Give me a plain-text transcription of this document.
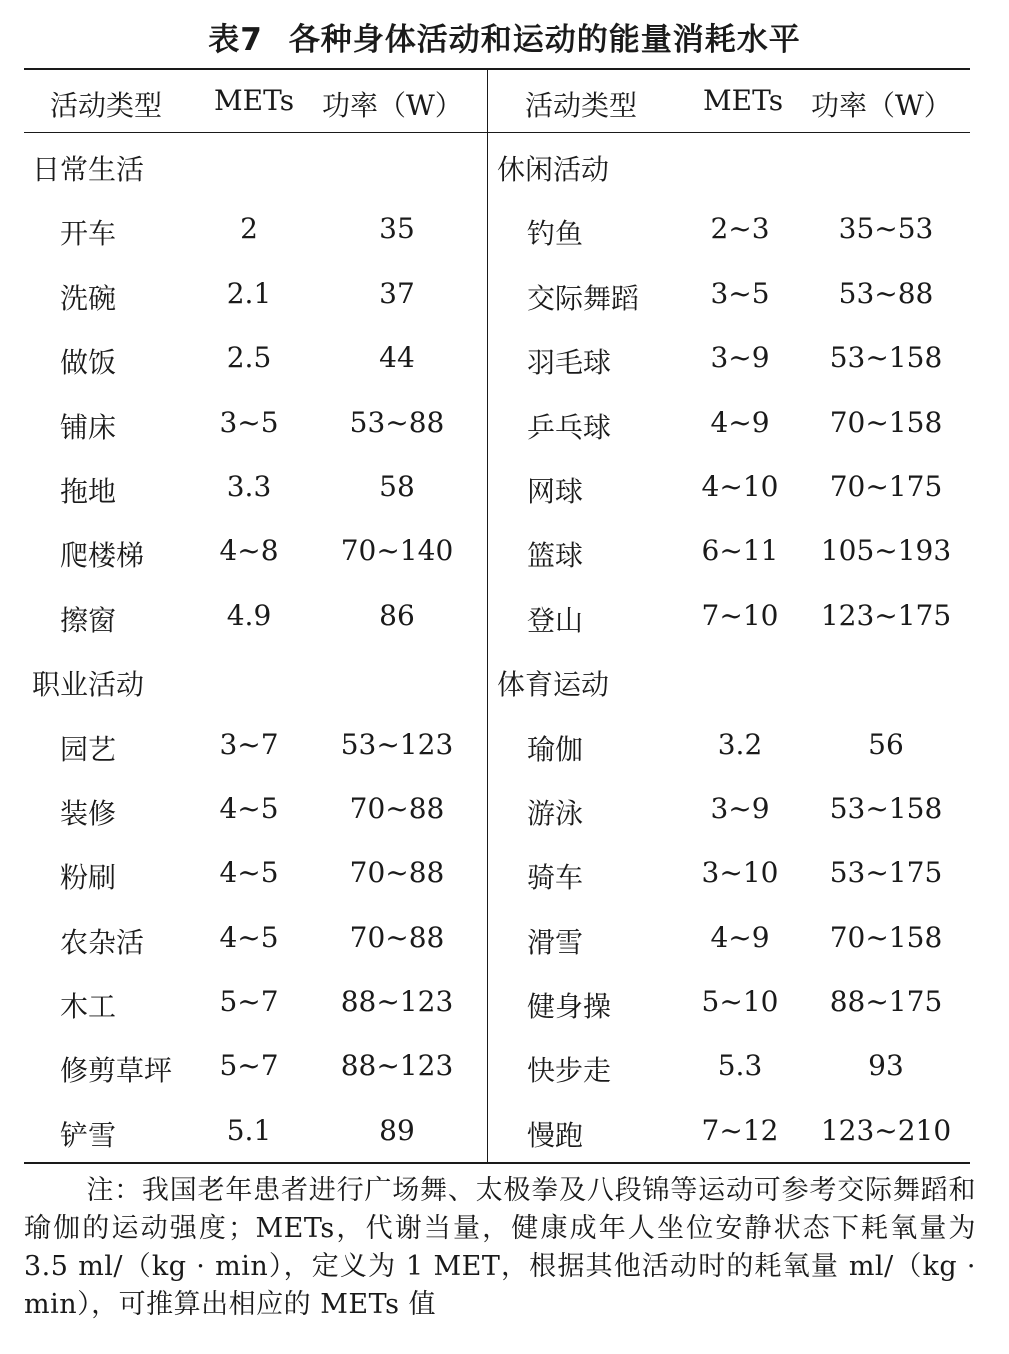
表7 各种身体活动和运动的能量消耗水平
活动类型 METs 功率（W）
日常生活
开车	2	35
洗碗	2.1	37
做饭	2.5	44
铺床	3~5	53~88
拖地	3.3	58
爬楼梯	4~8	70~140
擦窗	4.9	86
职业活动
园艺	3~7	53~123
装修	4~5	70~88
粉刷	4~5	70~88
农杂活	4~5	70~88
木工	5~7	88~123
修剪草坪	5~7	88~123
铲雪	5.1	89
活动类型 METs 功率（W）
休闲活动
钓鱼	2~3	35~53
交际舞蹈	3~5	53~88
羽毛球	3~9	53~158
乒乓球	4~9	70~158
网球	4~10	70~175
篮球	6~11	105~193
登山	7~10	123~175
体育运动
瑜伽	3.2	56
游泳	3~9	53~158
骑车	3~10	53~175
滑雪	4~9	70~158
健身操	5~10	88~175
快步走	5.3	93
慢跑	7~12	123~210
注：我国老年患者进行广场舞、太极拳及八段锦等运动可参考交际舞蹈和瑜伽的运动强度；METs，代谢当量，健康成年人坐位安静状态下耗氧量为 3.5 ml/（kg · min），定义为 1 MET，根据其他活动时的耗氧量 ml/（kg · min），可推算出相应的 METs 值
